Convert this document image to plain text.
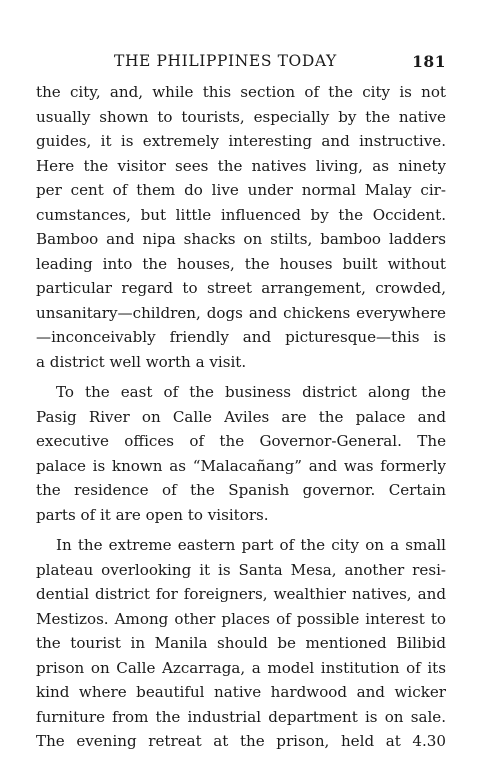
THE PHILIPPINES TODAY	181
the city, and, while this section of the city is not
usually shown to tourists, especially by the native
guides, it is extremely interesting and instructive.
Here the visitor sees the natives living, as ninety
per cent of them do live under normal Malay cir-
cumstances, but little influenced by the Occident.
Bamboo and nipa shacks on stilts, bamboo ladders
leading into the houses, the houses built without
particular regard to street arrangement, crowded,
unsanitary—children, dogs and chickens everywhere
—inconceivably friendly and picturesque—this is
a district well worth a visit.
To the east of the business district along the
Pasig River on Calle Aviles are the palace and
executive offices of the Governor-General. The
palace is known as “Malacañang” and was formerly
the residence of the Spanish governor. Certain
parts of it are open to visitors.
In the extreme eastern part of the city on a small
plateau overlooking it is Santa Mesa, another resi-
dential district for foreigners, wealthier natives, and
Mestizos. Among other places of possible interest to
the tourist in Manila should be mentioned Bilibid
prison on Calle Azcarraga, a model institution of its
kind where beautiful native hardwood and wicker
furniture from the industrial department is on sale.
The evening retreat at the prison, held at 4.30
